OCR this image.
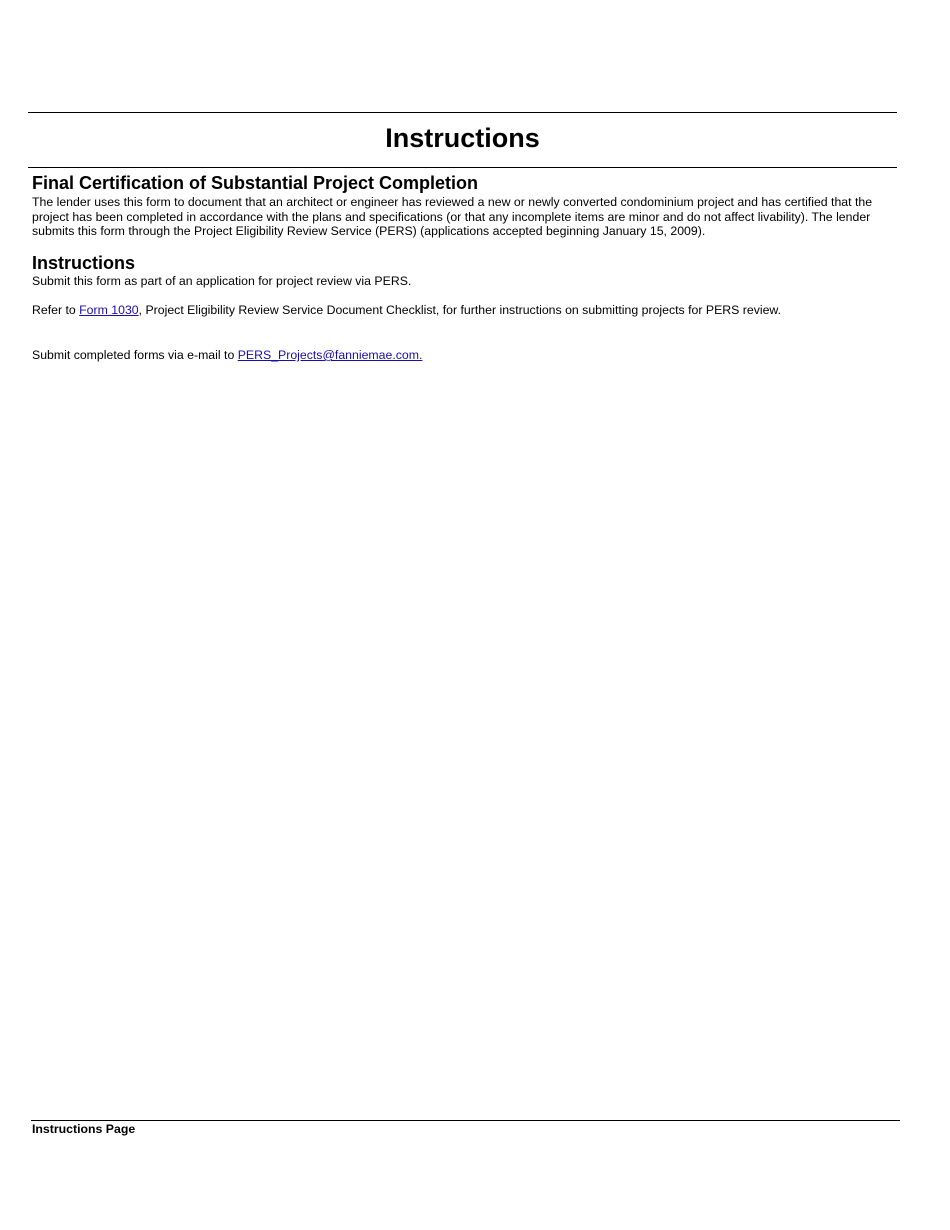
Instructions
Final Certification of Substantial Project Completion

The lender uses this form to document that an architect or engineer has reviewed a new or newly converted condominium project and has certified that the project has been completed in accordance with the plans and specifications (or that any incomplete items are minor and do not affect livability). The lender submits this form through the Project Eligibility Review Service (PERS) (applications accepted beginning January 15, 2009).

Instructions

Submit this form as part of an application for project review via PERS.

Refer to Form 1030, Project Eligibility Review Service Document Checklist, for further instructions on submitting projects for PERS review.

Submit completed forms via e-mail to PERS_Projects@fanniemae.com.

Instructions Page
